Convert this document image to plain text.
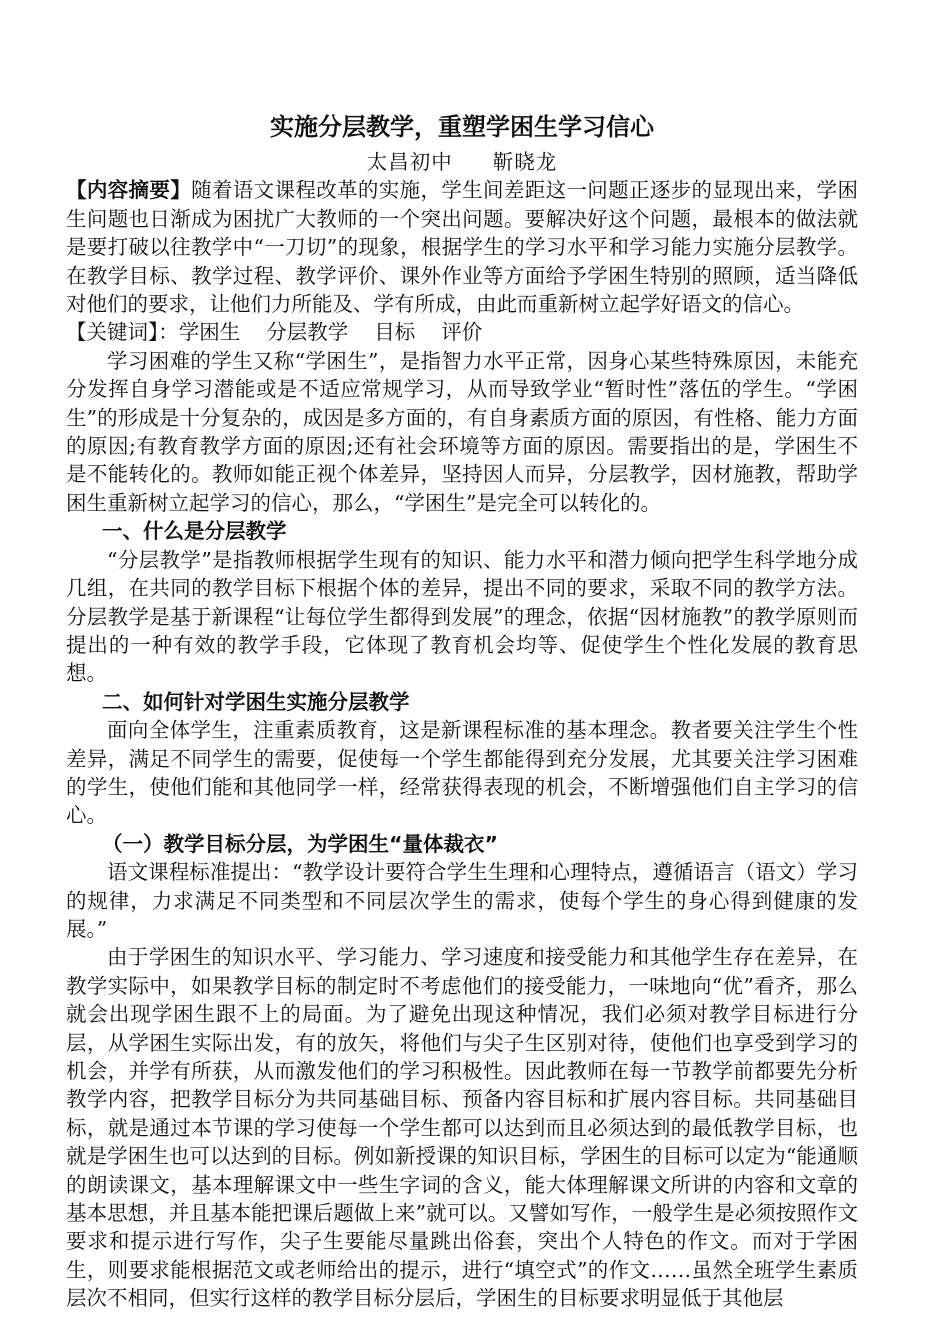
实施分层教学，重塑学困生学习信心

太昌初中 靳晓龙

【内容摘要】随着语文课程改革的实施，学生间差距这一问题正逐步的显现出来，学困生问题也日渐成为困扰广大教师的一个突出问题。要解决好这个问题，最根本的做法就是要打破以往教学中“一刀切”的现象，根据学生的学习水平和学习能力实施分层教学。在教学目标、教学过程、教学评价、课外作业等方面给予学困生特别的照顾，适当降低对他们的要求，让他们力所能及、学有所成，由此而重新树立起学好语文的信心。

【关键词】：学困生 分层教学 目标 评价

学习困难的学生又称“学困生”，是指智力水平正常，因身心某些特殊原因，未能充分发挥自身学习潜能或是不适应常规学习，从而导致学业“暂时性”落伍的学生。“学困生”的形成是十分复杂的，成因是多方面的，有自身素质方面的原因，有性格、能力方面的原因;有教育教学方面的原因;还有社会环境等方面的原因。需要指出的是，学困生不是不能转化的。教师如能正视个体差异，坚持因人而异，分层教学，因材施教，帮助学困生重新树立起学习的信心，那么，“学困生”是完全可以转化的。

一、什么是分层教学

“分层教学”是指教师根据学生现有的知识、能力水平和潜力倾向把学生科学地分成几组，在共同的教学目标下根据个体的差异，提出不同的要求，采取不同的教学方法。分层教学是基于新课程“让每位学生都得到发展”的理念，依据“因材施教”的教学原则而提出的一种有效的教学手段，它体现了教育机会均等、促使学生个性化发展的教育思想。

二、如何针对学困生实施分层教学

面向全体学生，注重素质教育，这是新课程标准的基本理念。教者要关注学生个性差异，满足不同学生的需要，促使每一个学生都能得到充分发展，尤其要关注学习困难的学生，使他们能和其他同学一样，经常获得表现的机会，不断增强他们自主学习的信心。

（一）教学目标分层，为学困生“量体裁衣”

语文课程标准提出：“教学设计要符合学生生理和心理特点，遵循语言（语文）学习的规律，力求满足不同类型和不同层次学生的需求，使每个学生的身心得到健康的发展。”

由于学困生的知识水平、学习能力、学习速度和接受能力和其他学生存在差异，在教学实际中，如果教学目标的制定时不考虑他们的接受能力，一味地向“优”看齐，那么就会出现学困生跟不上的局面。为了避免出现这种情况，我们必须对教学目标进行分层，从学困生实际出发，有的放矢，将他们与尖子生区别对待，使他们也享受到学习的机会，并学有所获，从而激发他们的学习积极性。因此教师在每一节教学前都要先分析教学内容，把教学目标分为共同基础目标、预备内容目标和扩展内容目标。共同基础目标，就是通过本节课的学习使每一个学生都可以达到而且必须达到的最低教学目标，也就是学困生也可以达到的目标。例如新授课的知识目标，学困生的目标可以定为“能通顺的朗读课文，基本理解课文中一些生字词的含义，能大体理解课文所讲的内容和文章的基本思想，并且基本能把课后题做上来”就可以。又譬如写作，一般学生是必须按照作文要求和提示进行写作，尖子生要能尽量跳出俗套，突出个人特色的作文。而对于学困生，则要求能根据范文或老师给出的提示，进行“填空式”的作文……虽然全班学生素质层次不相同，但实行这样的教学目标分层后，学困生的目标要求明显低于其他层
